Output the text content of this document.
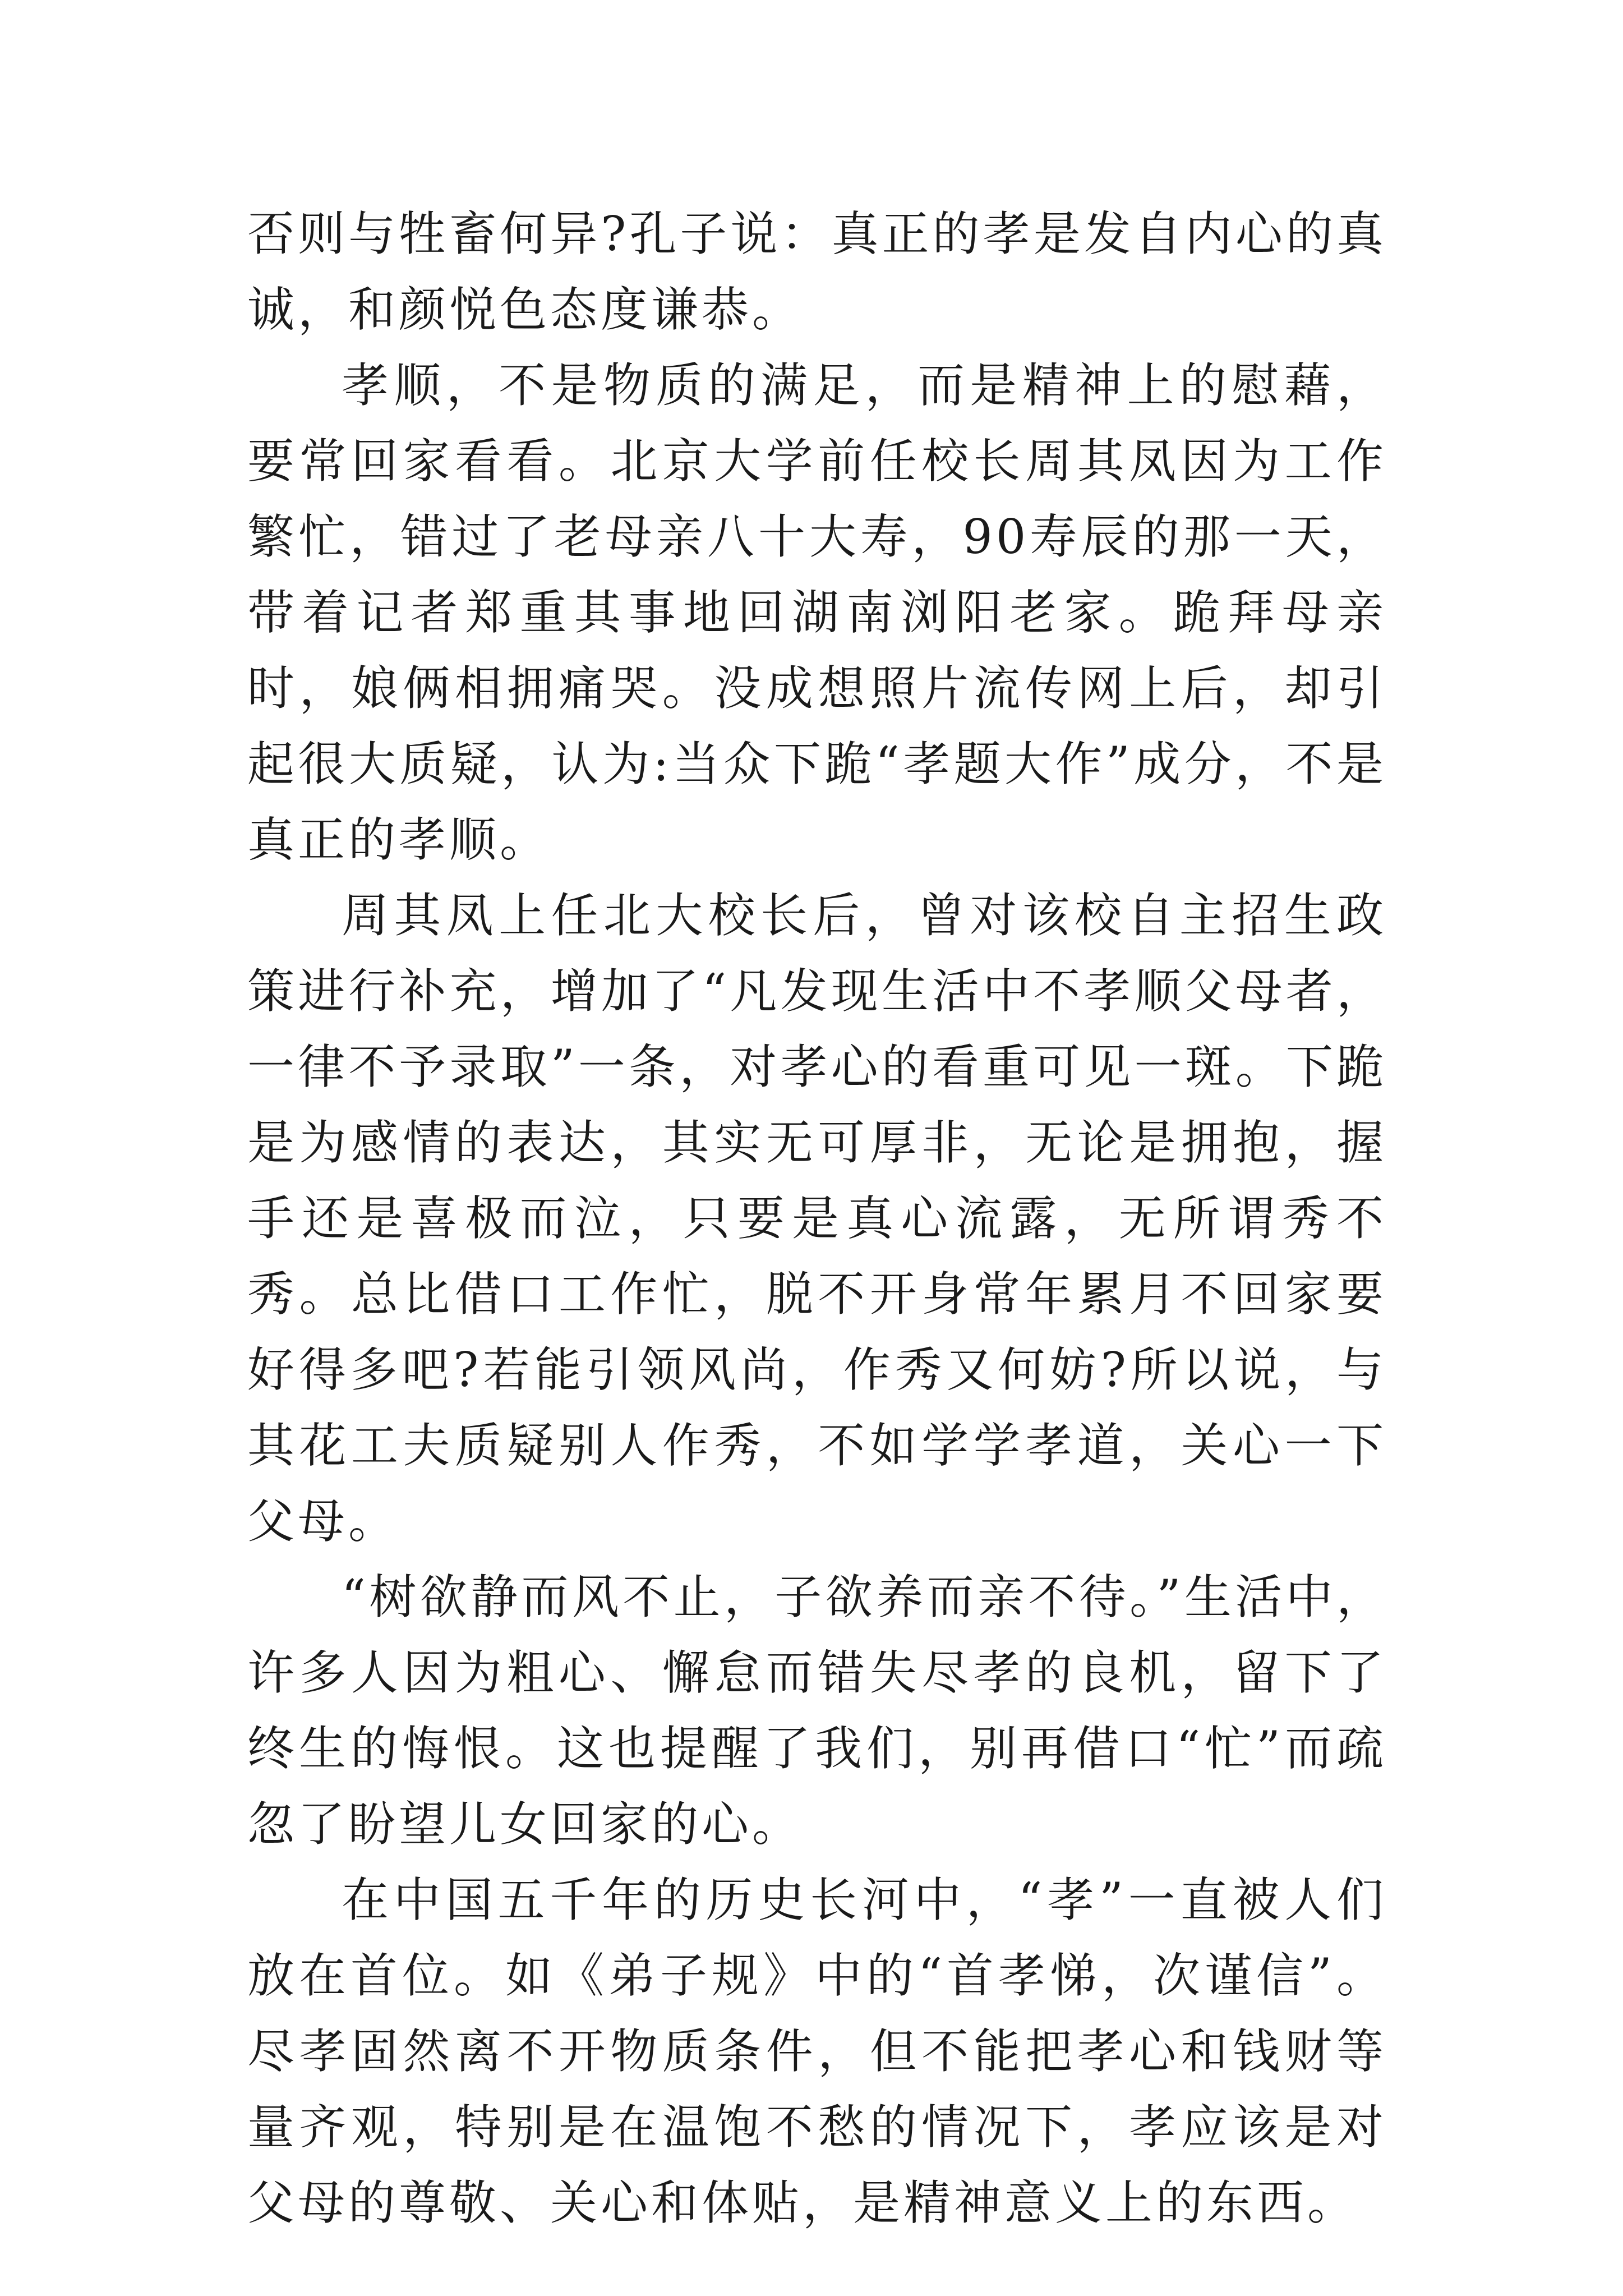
否则与牲畜何异?孔子说：真正的孝是发自内心的真诚，和颜悦色态度谦恭。

孝顺，不是物质的满足，而是精神上的慰藉，要常回家看看。北京大学前任校长周其凤因为工作繁忙，错过了老母亲八十大寿，90寿辰的那一天，带着记者郑重其事地回湖南浏阳老家。跪拜母亲时，娘俩相拥痛哭。没成想照片流传网上后，却引起很大质疑，认为:当众下跪“孝题大作”成分，不是真正的孝顺。

周其凤上任北大校长后，曾对该校自主招生政策进行补充，增加了“凡发现生活中不孝顺父母者，一律不予录取”一条，对孝心的看重可见一斑。下跪是为感情的表达，其实无可厚非，无论是拥抱，握手还是喜极而泣，只要是真心流露，无所谓秀不秀。总比借口工作忙，脱不开身常年累月不回家要好得多吧?若能引领风尚，作秀又何妨?所以说，与其花工夫质疑别人作秀，不如学学孝道，关心一下父母。

“树欲静而风不止，子欲养而亲不待。”生活中，许多人因为粗心、懈怠而错失尽孝的良机，留下了终生的悔恨。这也提醒了我们，别再借口“忙”而疏忽了盼望儿女回家的心。

在中国五千年的历史长河中，“孝”一直被人们放在首位。如《弟子规》中的“首孝悌，次谨信”。尽孝固然离不开物质条件，但不能把孝心和钱财等量齐观，特别是在温饱不愁的情况下，孝应该是对父母的尊敬、关心和体贴，是精神意义上的东西。
